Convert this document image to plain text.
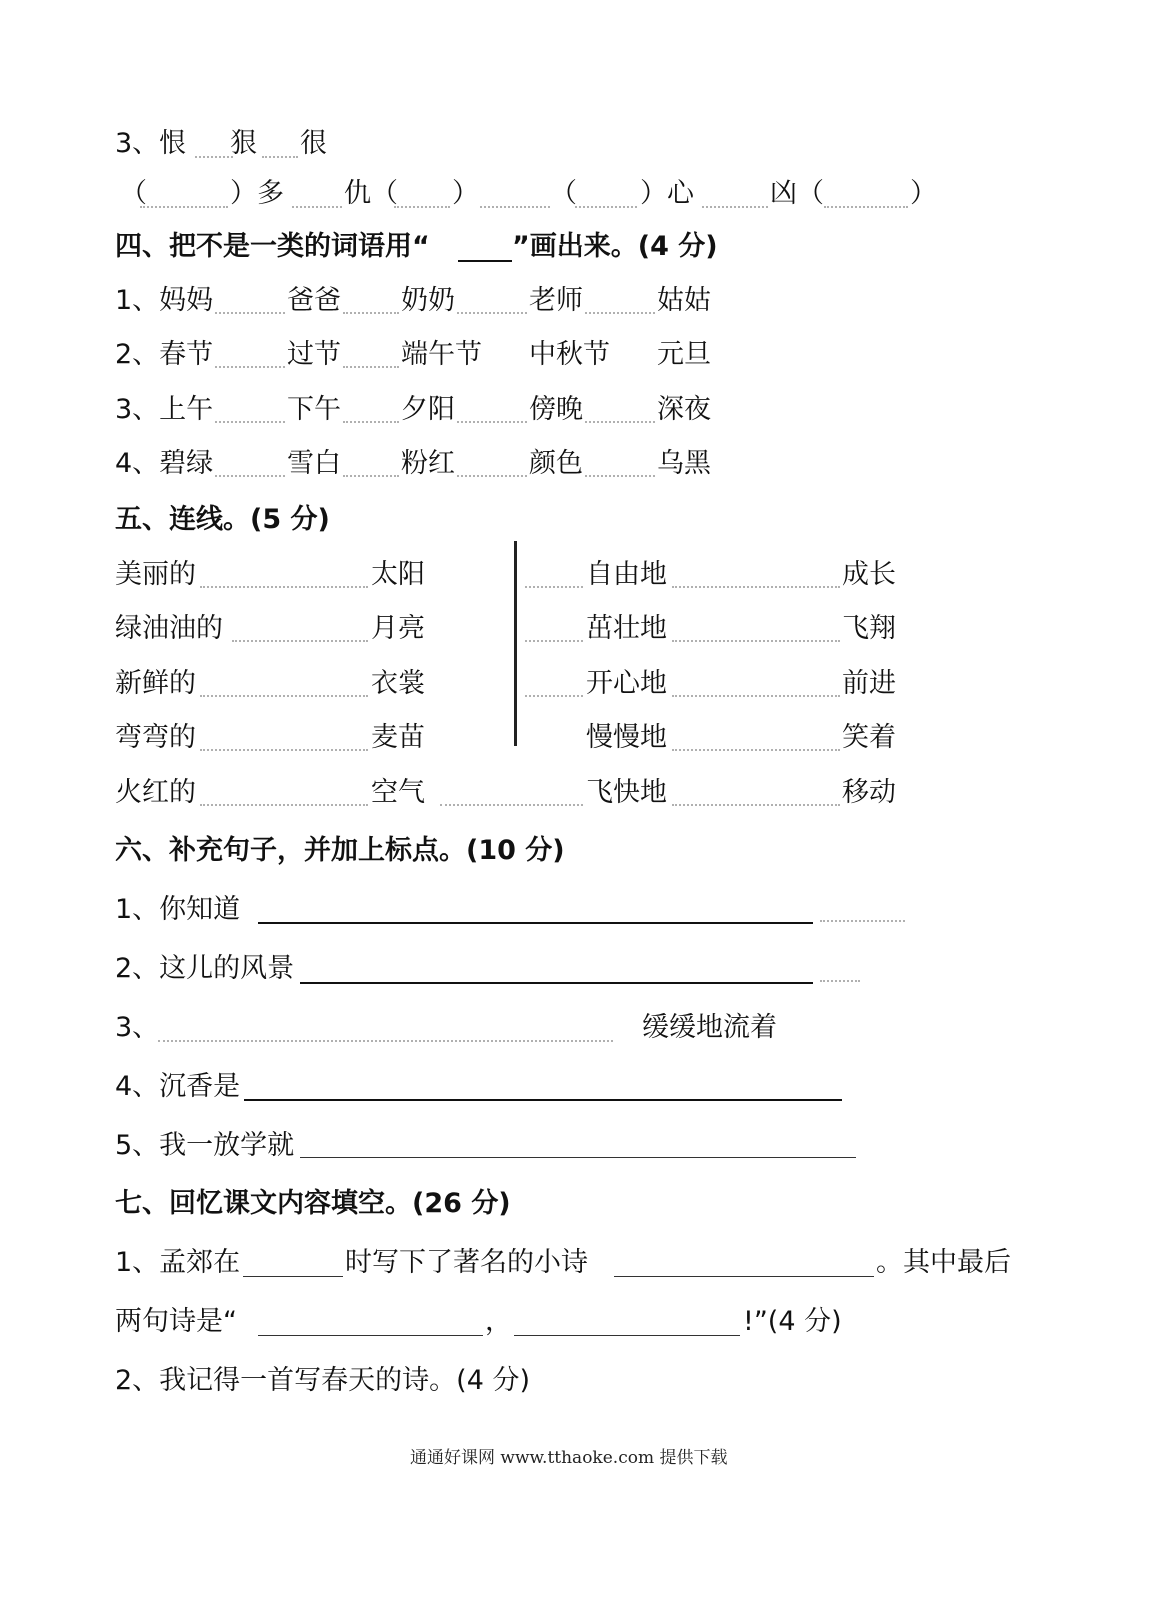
3、恨 狠 很
（	）多 仇（ ）	（ ）心	凶（	）
四、把不是一类的词语用“	”画出来。(4 分)
1、妈妈	爸爸 奶奶	老师	姑姑
2、春节	过节 端午节 中秋节 元旦
3、上午	下午 夕阳	傍晚	深夜
4、碧绿	雪白 粉红	颜色	乌黑
五、连线。(5 分)
美丽的	太阳	自由地	成长
绿油油的	月亮	茁壮地	飞翔
新鲜的	衣裳	开心地	前进
弯弯的	麦苗	慢慢地	笑着
火红的	空气	飞快地	移动
六、补充句子，并加上标点。(10 分)
1、你知道
2、这儿的风景
3、	缓缓地流着
4、沉香是
5、我一放学就
七、回忆课文内容填空。(26 分)
1、孟郊在	时写下了著名的小诗	。其中最后
两句诗是“	，	!”(4 分)
2、我记得一首写春天的诗。(4 分)
通通好课网 www.tthaoke.com 提供下载
